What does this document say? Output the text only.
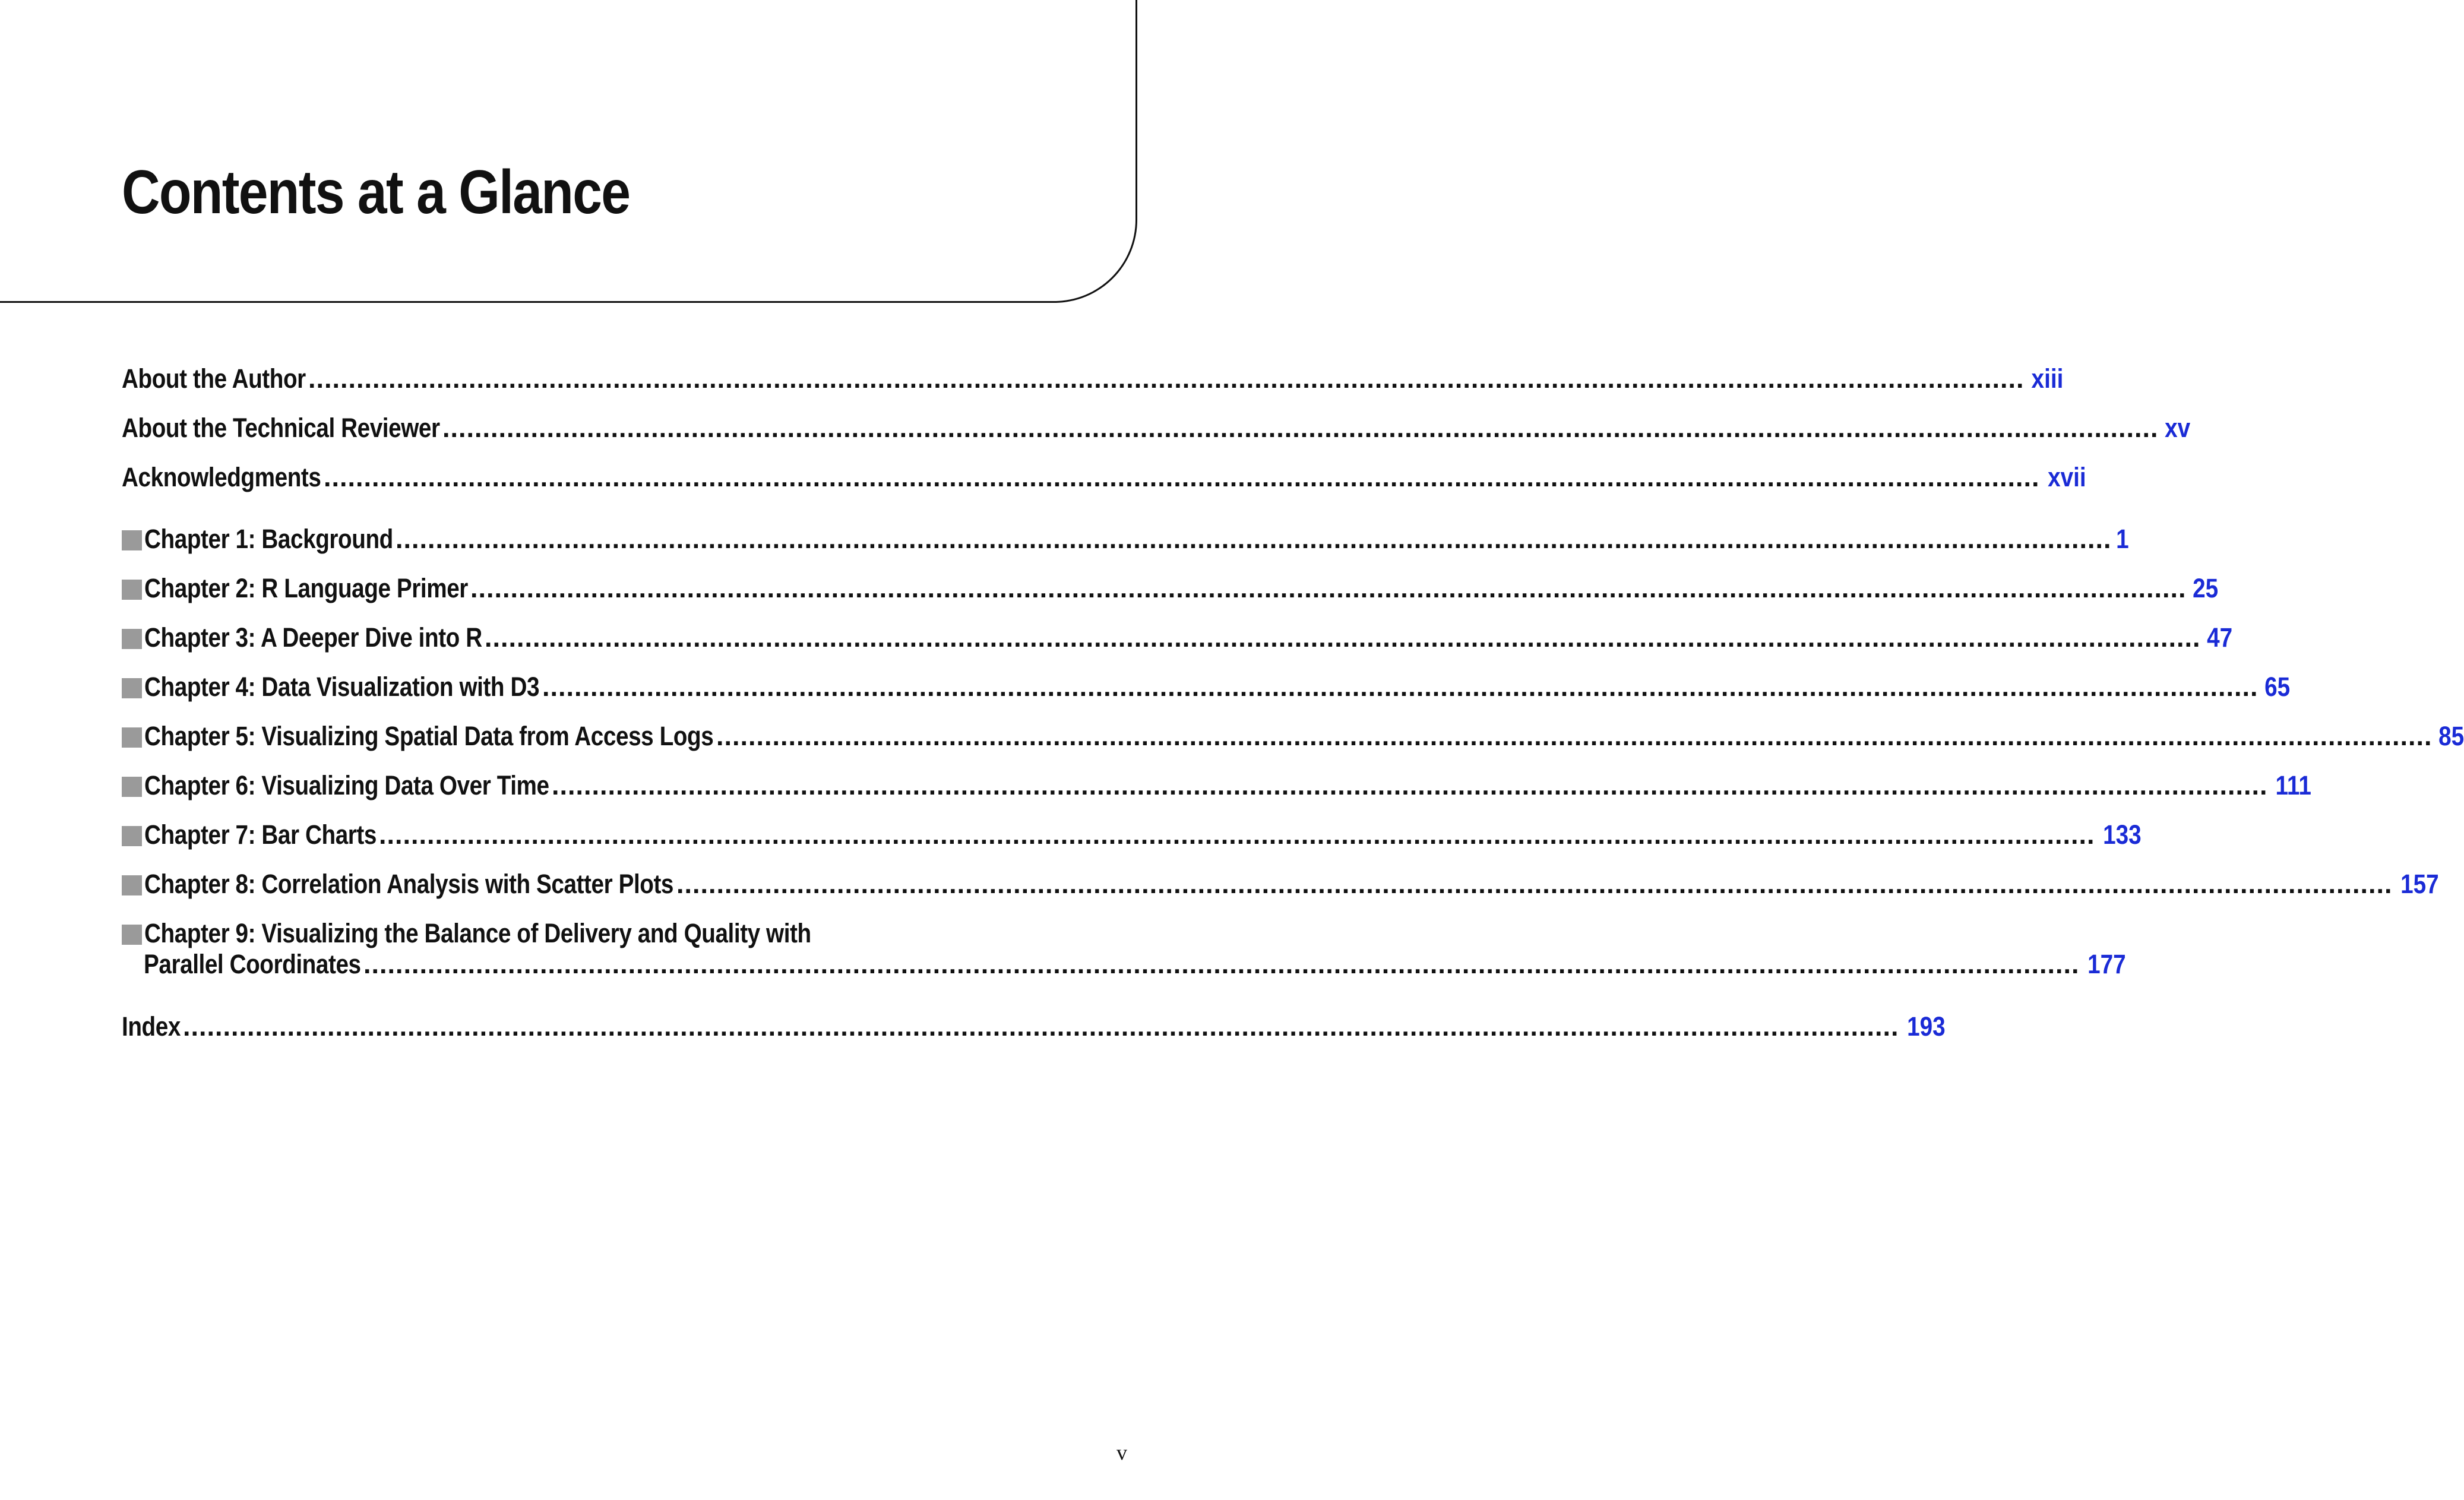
Contents at a Glance
About the Author ...................................................................................................................................................................................................................... xiii
About the Technical Reviewer ...................................................................................................................................................................................................................... xv
Acknowledgments ...................................................................................................................................................................................................................... xvii
Chapter 1: Background ...................................................................................................................................................................................................................... 1
Chapter 2: R Language Primer ...................................................................................................................................................................................................................... 25
Chapter 3: A Deeper Dive into R ...................................................................................................................................................................................................................... 47
Chapter 4: Data Visualization with D3 ...................................................................................................................................................................................................................... 65
Chapter 5: Visualizing Spatial Data from Access Logs ...................................................................................................................................................................................................................... 85
Chapter 6: Visualizing Data Over Time ...................................................................................................................................................................................................................... 111
Chapter 7: Bar Charts ...................................................................................................................................................................................................................... 133
Chapter 8: Correlation Analysis with Scatter Plots ...................................................................................................................................................................................................................... 157
Chapter 9: Visualizing the Balance of Delivery and Quality with
Parallel Coordinates ...................................................................................................................................................................................................................... 177
Index ...................................................................................................................................................................................................................... 193
v
